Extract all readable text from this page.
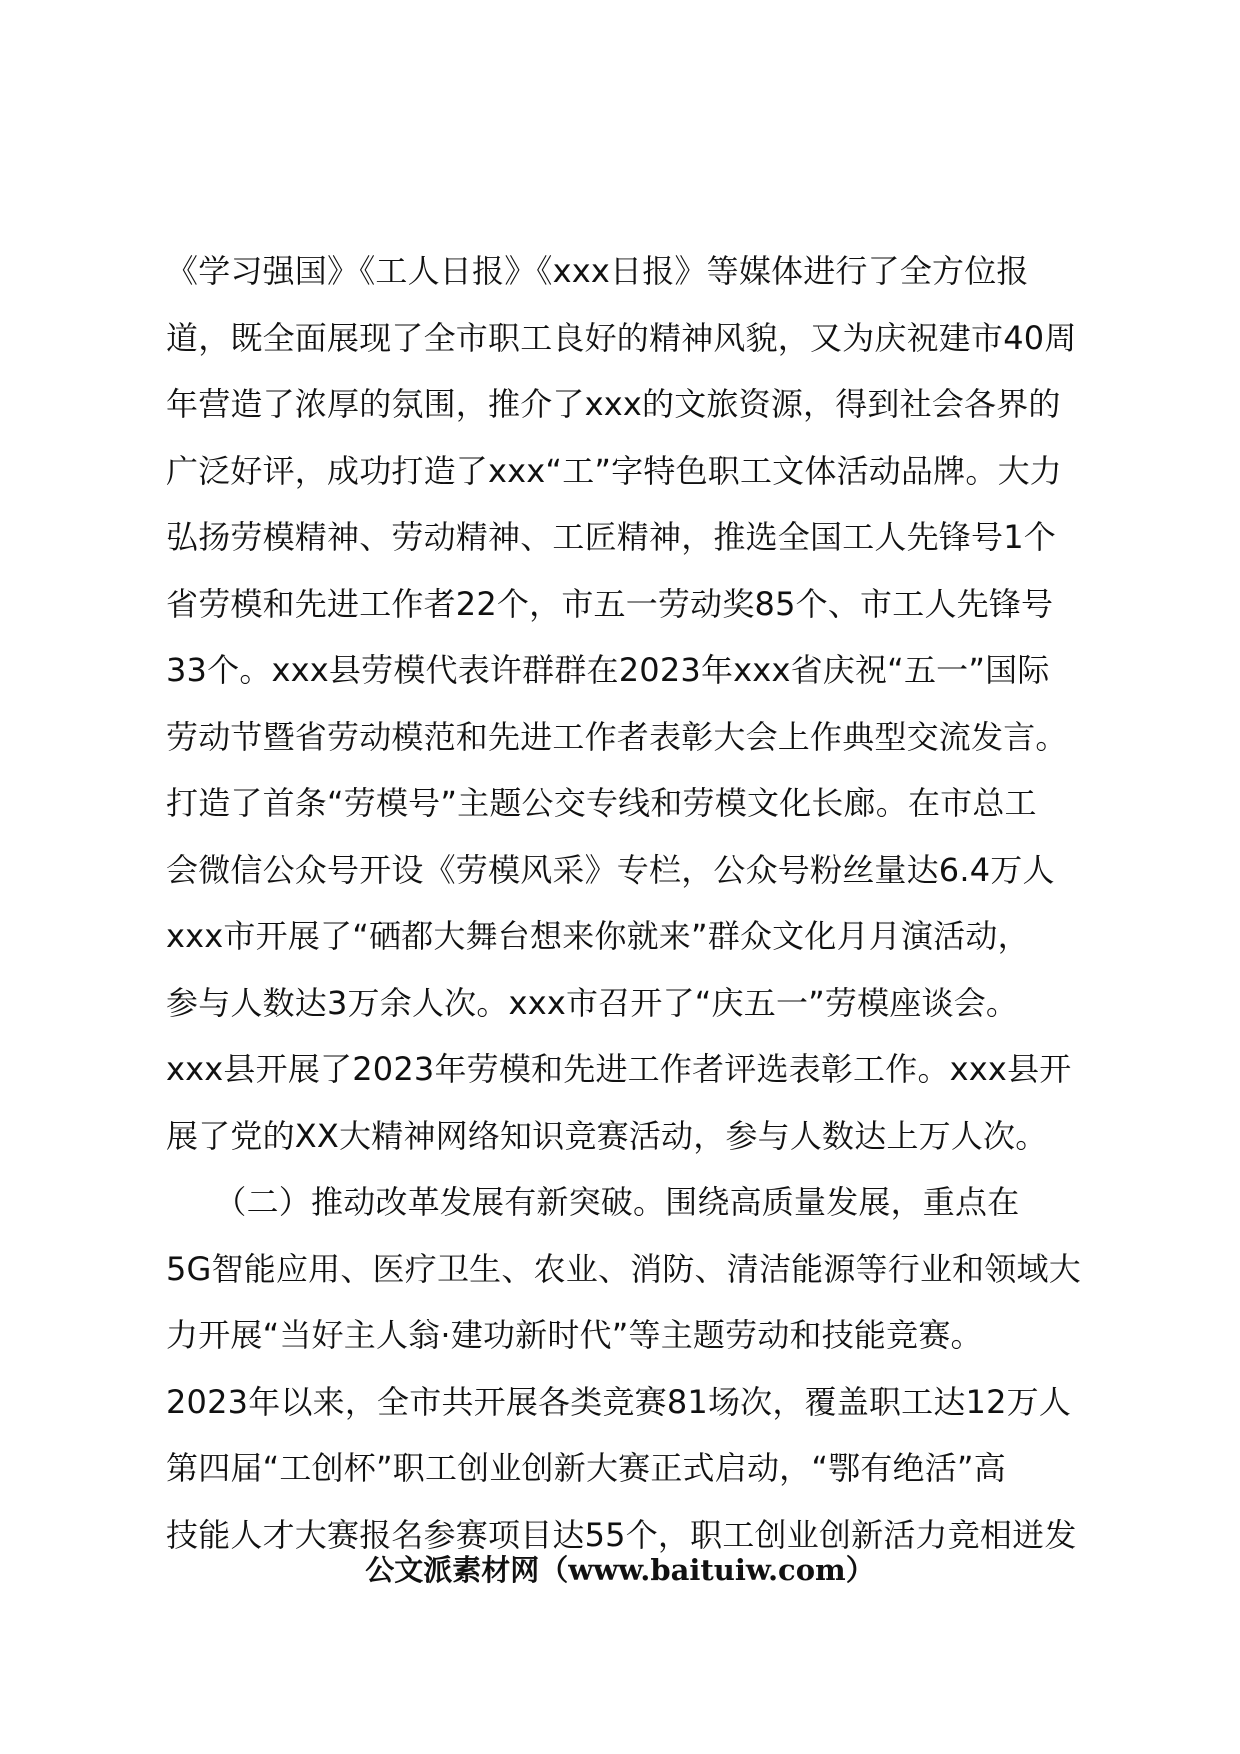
《学习强国》《工人日报》《xxx日报》等媒体进行了全方位报
道，既全面展现了全市职工良好的精神风貌，又为庆祝建市40周
年营造了浓厚的氛围，推介了xxx的文旅资源，得到社会各界的
广泛好评，成功打造了xxx“工”字特色职工文体活动品牌。大力
弘扬劳模精神、劳动精神、工匠精神，推选全国工人先锋号1个
省劳模和先进工作者22个，市五一劳动奖85个、市工人先锋号
33个。xxx县劳模代表许群群在2023年xxx省庆祝“五一”国际
劳动节暨省劳动模范和先进工作者表彰大会上作典型交流发言。
打造了首条“劳模号”主题公交专线和劳模文化长廊。在市总工
会微信公众号开设《劳模风采》专栏，公众号粉丝量达6.4万人
xxx市开展了“硒都大舞台想来你就来”群众文化月月演活动，
参与人数达3万余人次。xxx市召开了“庆五一”劳模座谈会。
xxx县开展了2023年劳模和先进工作者评选表彰工作。xxx县开
展了党的XX大精神网络知识竞赛活动，参与人数达上万人次。
　　（二）推动改革发展有新突破。围绕高质量发展，重点在
5G智能应用、医疗卫生、农业、消防、清洁能源等行业和领域大
力开展“当好主人翁·建功新时代”等主题劳动和技能竞赛。
2023年以来，全市共开展各类竞赛81场次，覆盖职工达12万人
第四届“工创杯”职工创业创新大赛正式启动，“鄂有绝活”高
技能人才大赛报名参赛项目达55个，职工创业创新活力竞相迸发
公文派素材网（www.baituiw.com）
